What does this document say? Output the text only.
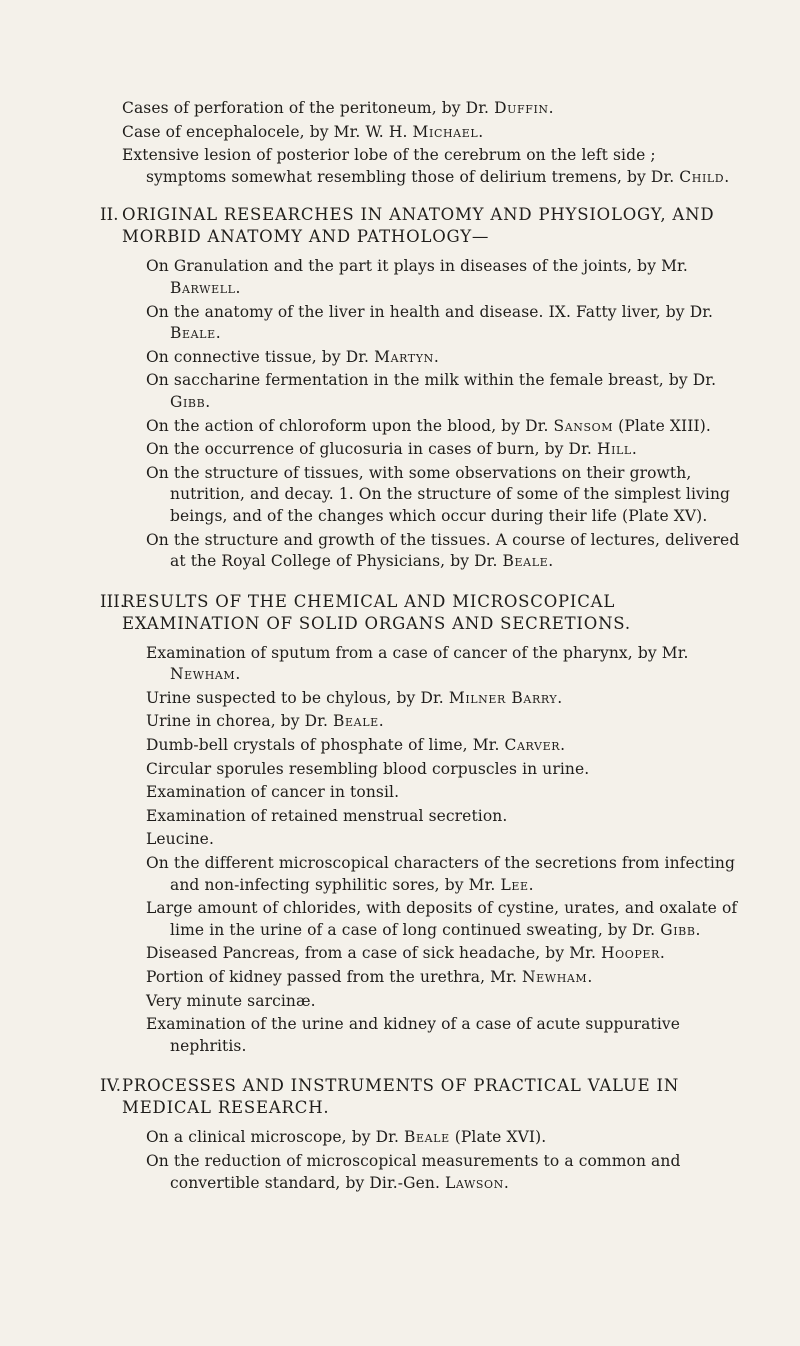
Cases of perforation of the peritoneum, by Dr. Duffin.

Case of encephalocele, by Mr. W. H. Michael.

Extensive lesion of posterior lobe of the cerebrum on the left side ; symptoms somewhat resembling those of delirium tremens, by Dr. Child.

II. ORIGINAL RESEARCHES IN ANATOMY AND PHYSIOLOGY, AND MORBID ANATOMY AND PATHOLOGY—

On Granulation and the part it plays in diseases of the joints, by Mr. Barwell.

On the anatomy of the liver in health and disease. IX. Fatty liver, by Dr. Beale.

On connective tissue, by Dr. Martyn.

On saccharine fermentation in the milk within the female breast, by Dr. Gibb.

On the action of chloroform upon the blood, by Dr. Sansom (Plate XIII).

On the occurrence of glucosuria in cases of burn, by Dr. Hill.

On the structure of tissues, with some observations on their growth, nutrition, and decay. 1. On the structure of some of the simplest living beings, and of the changes which occur during their life (Plate XV).

On the structure and growth of the tissues. A course of lectures, delivered at the Royal College of Physicians, by Dr. Beale.

III.

RESULTS OF THE CHEMICAL AND MICROSCOPICAL EXAMINATION OF SOLID ORGANS AND SECRETIONS.

Examination of sputum from a case of cancer of the pharynx, by Mr. Newham.

Urine suspected to be chylous, by Dr. Milner Barry.

Urine in chorea, by Dr. Beale.

Dumb-bell crystals of phosphate of lime, Mr. Carver.

Circular sporules resembling blood corpuscles in urine.

Examination of cancer in tonsil.

Examination of retained menstrual secretion.

Leucine.

On the different microscopical characters of the secretions from infecting and non-infecting syphilitic sores, by Mr. Lee.

Large amount of chlorides, with deposits of cystine, urates, and oxalate of lime in the urine of a case of long continued sweating, by Dr. Gibb.

Diseased Pancreas, from a case of sick headache, by Mr. Hooper.

Portion of kidney passed from the urethra, Mr. Newham.

Very minute sarcinæ.

Examination of the urine and kidney of a case of acute suppurative nephritis.

IV. PROCESSES AND INSTRUMENTS OF PRACTICAL VALUE IN MEDICAL RESEARCH.

On a clinical microscope, by Dr. Beale (Plate XVI).

On the reduction of microscopical measurements to a common and convertible standard, by Dir.-Gen. Lawson.
